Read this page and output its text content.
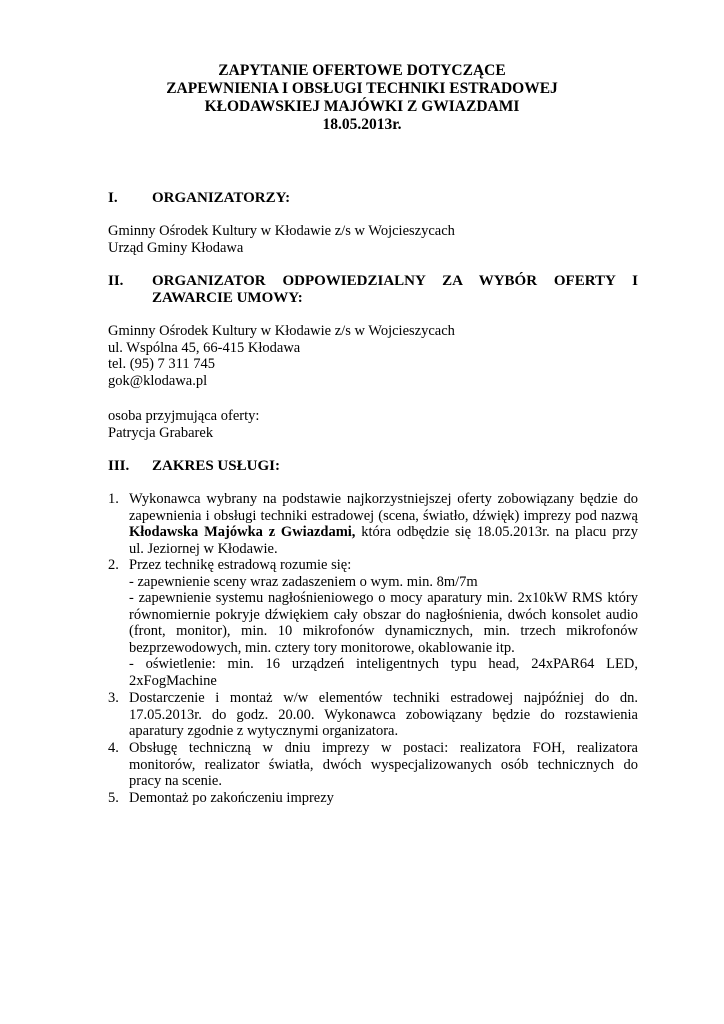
ZAPYTANIE OFERTOWE DOTYCZĄCE
ZAPEWNIENIA I OBSŁUGI TECHNIKI ESTRADOWEJ
KŁODAWSKIEJ MAJÓWKI Z GWIAZDAMI
18.05.2013r.
I. ORGANIZATORZY:
Gminny Ośrodek Kultury w Kłodawie z/s w Wojcieszycach
Urząd Gminy Kłodawa
II. ORGANIZATOR ODPOWIEDZIALNY ZA WYBÓR OFERTY I
ZAWARCIE UMOWY:
Gminny Ośrodek Kultury w Kłodawie z/s w Wojcieszycach
ul. Wspólna 45, 66-415 Kłodawa
tel. (95) 7 311 745
gok@klodawa.pl
osoba przyjmująca oferty:
Patrycja Grabarek
III. ZAKRES USŁUGI:
1. Wykonawca wybrany na podstawie najkorzystniejszej oferty zobowiązany będzie do
zapewnienia i obsługi techniki estradowej (scena, światło, dźwięk) imprezy pod nazwą
Kłodawska Majówka z Gwiazdami, która odbędzie się 18.05.2013r. na placu przy
ul. Jeziornej w Kłodawie.
2. Przez technikę estradową rozumie się:
- zapewnienie sceny wraz zadaszeniem o wym. min. 8m/7m
- zapewnienie systemu nagłośnieniowego o mocy aparatury min. 2x10kW RMS który
równomiernie pokryje dźwiękiem cały obszar do nagłośnienia, dwóch konsolet audio
(front, monitor), min. 10 mikrofonów dynamicznych, min. trzech mikrofonów
bezprzewodowych, min. cztery tory monitorowe, okablowanie itp.
- oświetlenie: min. 16 urządzeń inteligentnych typu head, 24xPAR64 LED,
2xFogMachine
3. Dostarczenie i montaż w/w elementów techniki estradowej najpóźniej do dn.
17.05.2013r. do godz. 20.00. Wykonawca zobowiązany będzie do rozstawienia
aparatury zgodnie z wytycznymi organizatora.
4. Obsługę techniczną w dniu imprezy w postaci: realizatora FOH, realizatora
monitorów, realizator światła, dwóch wyspecjalizowanych osób technicznych do
pracy na scenie.
5. Demontaż po zakończeniu imprezy
